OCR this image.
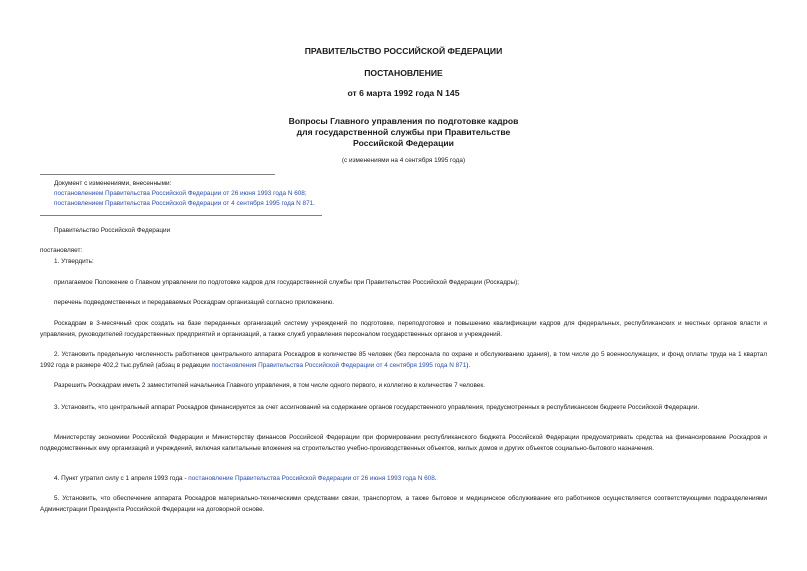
ПРАВИТЕЛЬСТВО РОССИЙСКОЙ ФЕДЕРАЦИИ
ПОСТАНОВЛЕНИЕ
от 6 марта 1992 года N 145
Вопросы Главного управления по подготовке кадров
для государственной службы при Правительстве
Российской Федерации
(с изменениями на 4 сентября 1995 года)
Документ с изменениями, внесенными:
постановлением Правительства Российской Федерации от 26 июня 1993 года N 608;
постановлением Правительства Российской Федерации от 4 сентября 1995 года N 871.
Правительство Российской Федерации
постановляет:
1. Утвердить:
прилагаемое Положение о Главном управлении по подготовке кадров для государственной службы при Правительстве Российской Федерации (Роскадры);
перечень подведомственных и передаваемых Роскадрам организаций согласно приложению.
Роскадрам в 3-месячный срок создать на базе переданных организаций систему учреждений по подготовке, переподготовке и повышению квалификации кадров для федеральных, республиканских и местных органов власти и управления, руководителей государственных предприятий и организаций, а также служб управления персоналом государственных органов и учреждений.
2. Установить предельную численность работников центрального аппарата Роскадров в количестве 85 человек (без персонала по охране и обслуживанию здания), в том числе до 5 военнослужащих, и фонд оплаты труда на 1 квартал 1992 года в размере 402,2 тыс.рублей (абзац в редакции постановления Правительства Российской Федерации от 4 сентября 1995 года N 871).
Разрешить Роскадрам иметь 2 заместителей начальника Главного управления, в том числе одного первого, и коллегию в количестве 7 человек.
3. Установить, что центральный аппарат Роскадров финансируется за счет ассигнований на содержание органов государственного управления, предусмотренных в республиканском бюджете Российской Федерации.
Министерству экономики Российской Федерации и Министерству финансов Российской Федерации при формировании республиканского бюджета Российской Федерации предусматривать средства на финансирование Роскадров и подведомственных ему организаций и учреждений, включая капитальные вложения на строительство учебно-производственных объектов, жилых домов и других объектов социально-бытового назначения.
4. Пункт утратил силу с 1 апреля 1993 года - постановление Правительства Российской Федерации от 26 июня 1993 года N 608.
5. Установить, что обеспечение аппарата Роскадров материально-техническими средствами связи, транспортом, а также бытовое и медицинское обслуживание его работников осуществляется соответствующими подразделениями Администрации Президента Российской Федерации на договорной основе.
